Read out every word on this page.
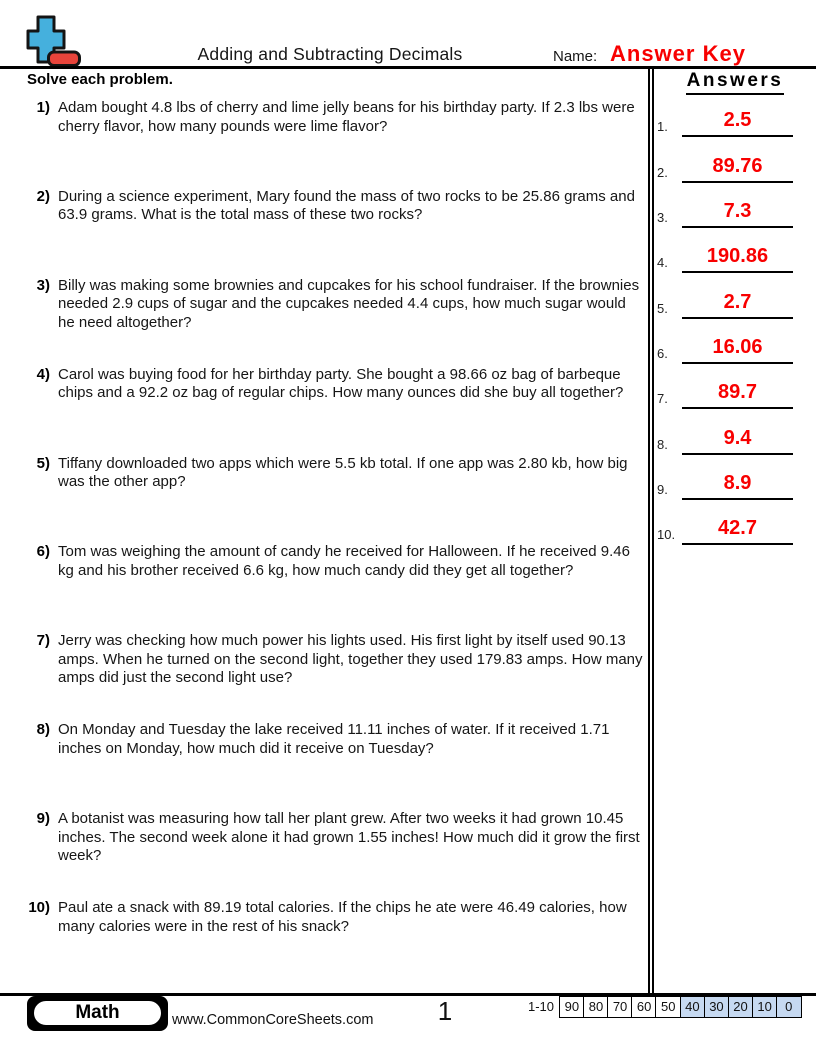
Adding and Subtracting Decimals	Name: Answer Key
Solve each problem.
1) Adam bought 4.8 lbs of cherry and lime jelly beans for his birthday party. If 2.3 lbs were cherry flavor, how many pounds were lime flavor?
2) During a science experiment, Mary found the mass of two rocks to be 25.86 grams and 63.9 grams. What is the total mass of these two rocks?
3) Billy was making some brownies and cupcakes for his school fundraiser. If the brownies needed 2.9 cups of sugar and the cupcakes needed 4.4 cups, how much sugar would he need altogether?
4) Carol was buying food for her birthday party. She bought a 98.66 oz bag of barbeque chips and a 92.2 oz bag of regular chips. How many ounces did she buy all together?
5) Tiffany downloaded two apps which were 5.5 kb total. If one app was 2.80 kb, how big was the other app?
6) Tom was weighing the amount of candy he received for Halloween. If he received 9.46 kg and his brother received 6.6 kg, how much candy did they get all together?
7) Jerry was checking how much power his lights used. His first light by itself used 90.13 amps. When he turned on the second light, together they used 179.83 amps. How many amps did just the second light use?
8) On Monday and Tuesday the lake received 11.11 inches of water. If it received 1.71 inches on Monday, how much did it receive on Tuesday?
9) A botanist was measuring how tall her plant grew. After two weeks it had grown 10.45 inches. The second week alone it had grown 1.55 inches! How much did it grow the first week?
10) Paul ate a snack with 89.19 total calories. If the chips he ate were 46.49 calories, how many calories were in the rest of his snack?
Answers
1.	2.5
2.	89.76
3.	7.3
4.	190.86
5.	2.7
6.	16.06
7.	89.7
8.	9.4
9.	8.9
10.	42.7
Math	www.CommonCoreSheets.com	1	1-10 90 80 70 60 50 40 30 20 10	0
